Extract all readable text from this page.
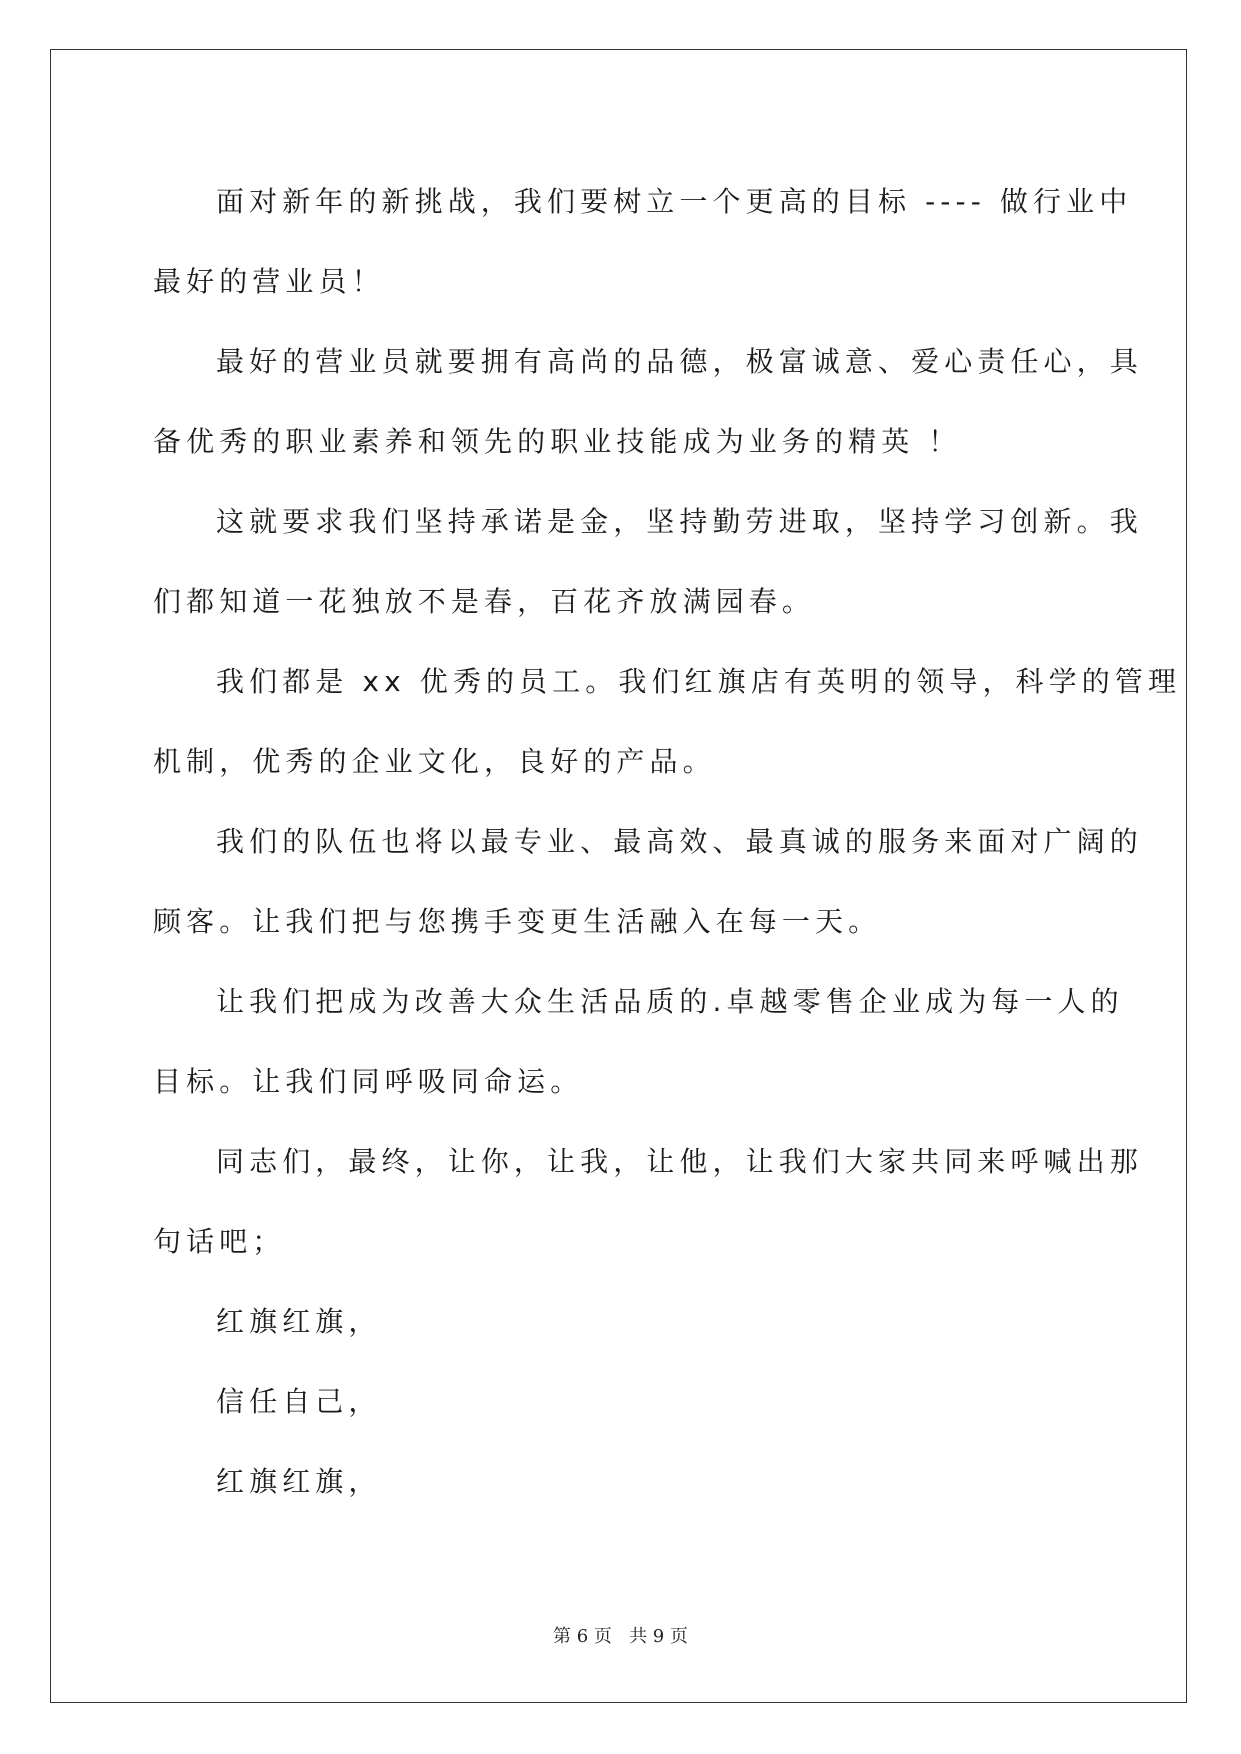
面对新年的新挑战，我们要树立一个更高的目标 ---- 做行业中

最好的营业员！

最好的营业员就要拥有高尚的品德，极富诚意、爱心责任心，具

备优秀的职业素养和领先的职业技能成为业务的精英 ！

这就要求我们坚持承诺是金，坚持勤劳进取，坚持学习创新。我

们都知道一花独放不是春，百花齐放满园春。

我们都是 xx 优秀的员工。我们红旗店有英明的领导，科学的管理

机制，优秀的企业文化，良好的产品。

我们的队伍也将以最专业、最高效、最真诚的服务来面对广阔的

顾客。让我们把与您携手变更生活融入在每一天。

让我们把成为改善大众生活品质的.卓越零售企业成为每一人的

目标。让我们同呼吸同命运。

同志们，最终，让你，让我，让他，让我们大家共同来呼喊出那

句话吧；

红旗红旗，

信任自己，

红旗红旗，

第 6 页   共 9 页
